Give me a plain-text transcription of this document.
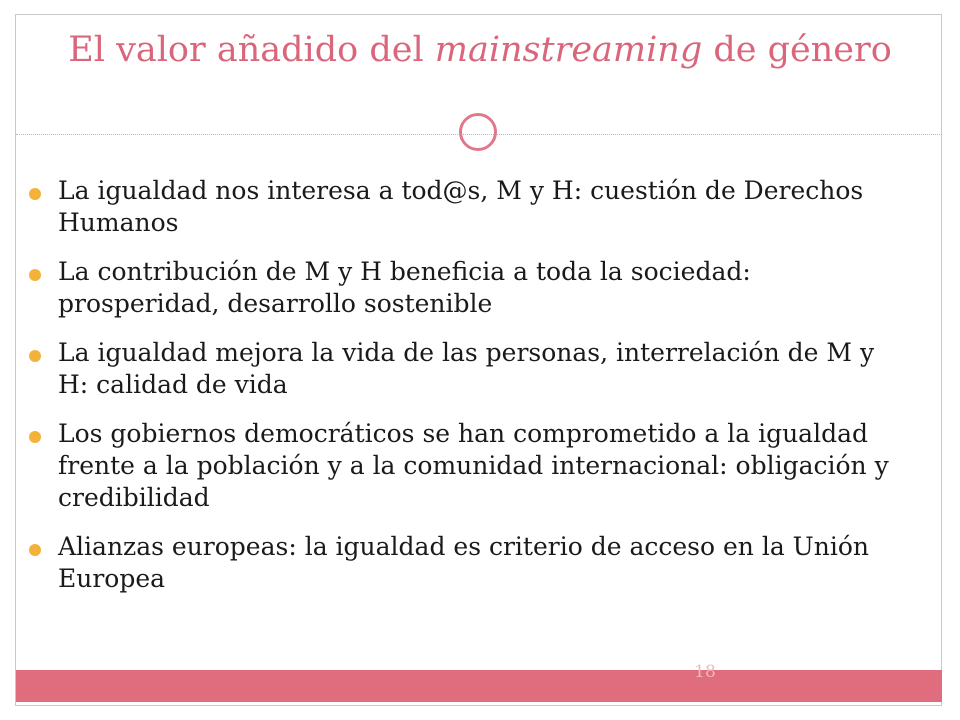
El valor añadido del mainstreaming de género
La igualdad nos interesa a tod@s, M y H: cuestión de Derechos Humanos
La contribución de M y H beneficia a toda la sociedad: prosperidad, desarrollo sostenible
La igualdad mejora la vida de las personas, interrelación de M y H: calidad de vida
Los gobiernos democráticos se han comprometido a la igualdad frente a la población y a la comunidad internacional: obligación y credibilidad
Alianzas europeas: la igualdad es criterio de acceso en la Unión Europea
18
